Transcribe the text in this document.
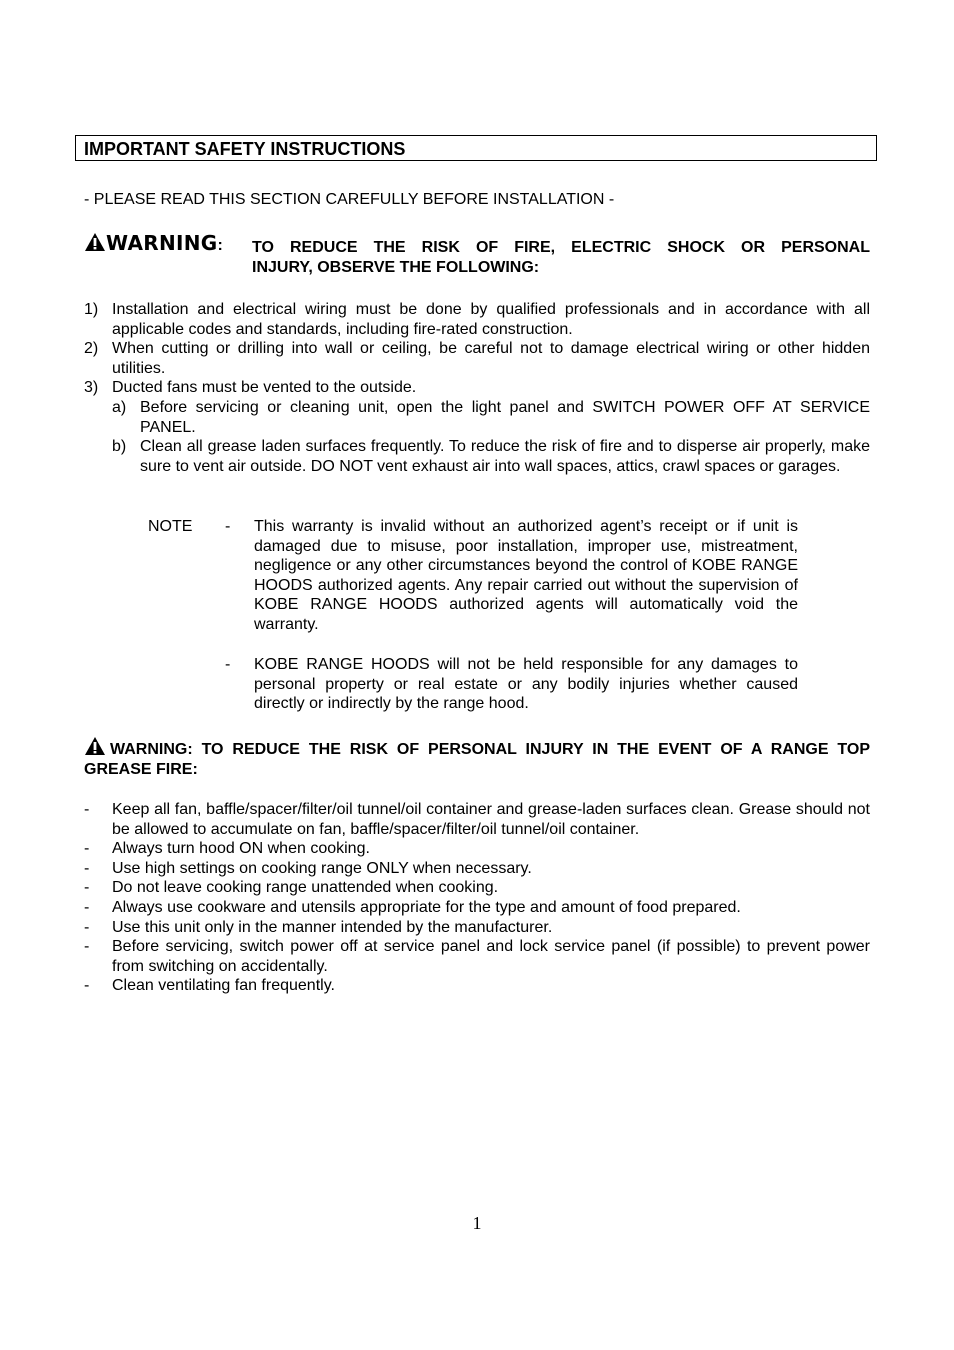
IMPORTANT SAFETY INSTRUCTIONS
- PLEASE READ THIS SECTION CAREFULLY BEFORE INSTALLATION -
WARNING: TO REDUCE THE RISK OF FIRE, ELECTRIC SHOCK OR PERSONAL
INJURY, OBSERVE THE FOLLOWING:
1) Installation and electrical wiring must be done by qualified professionals and in accordance with all applicable codes and standards, including fire-rated construction.
2) When cutting or drilling into wall or ceiling, be careful not to damage electrical wiring or other hidden utilities.
3) Ducted fans must be vented to the outside.
a) Before servicing or cleaning unit, open the light panel and SWITCH POWER OFF AT SERVICE PANEL.
b) Clean all grease laden surfaces frequently. To reduce the risk of fire and to disperse air properly, make sure to vent air outside. DO NOT vent exhaust air into wall spaces, attics, crawl spaces or garages.
NOTE - This warranty is invalid without an authorized agent’s receipt or if unit is damaged due to misuse, poor installation, improper use, mistreatment, negligence or any other circumstances beyond the control of KOBE RANGE HOODS authorized agents. Any repair carried out without the supervision of KOBE RANGE HOODS authorized agents will automatically void the warranty.
- KOBE RANGE HOODS will not be held responsible for any damages to personal property or real estate or any bodily injuries whether caused directly or indirectly by the range hood.
WARNING: TO REDUCE THE RISK OF PERSONAL INJURY IN THE EVENT OF A RANGE TOP
GREASE FIRE:
- Keep all fan, baffle/spacer/filter/oil tunnel/oil container and grease-laden surfaces clean. Grease should not be allowed to accumulate on fan, baffle/spacer/filter/oil tunnel/oil container.
- Always turn hood ON when cooking.
- Use high settings on cooking range ONLY when necessary.
- Do not leave cooking range unattended when cooking.
- Always use cookware and utensils appropriate for the type and amount of food prepared.
- Use this unit only in the manner intended by the manufacturer.
- Before servicing, switch power off at service panel and lock service panel (if possible) to prevent power from switching on accidentally.
- Clean ventilating fan frequently.
1
